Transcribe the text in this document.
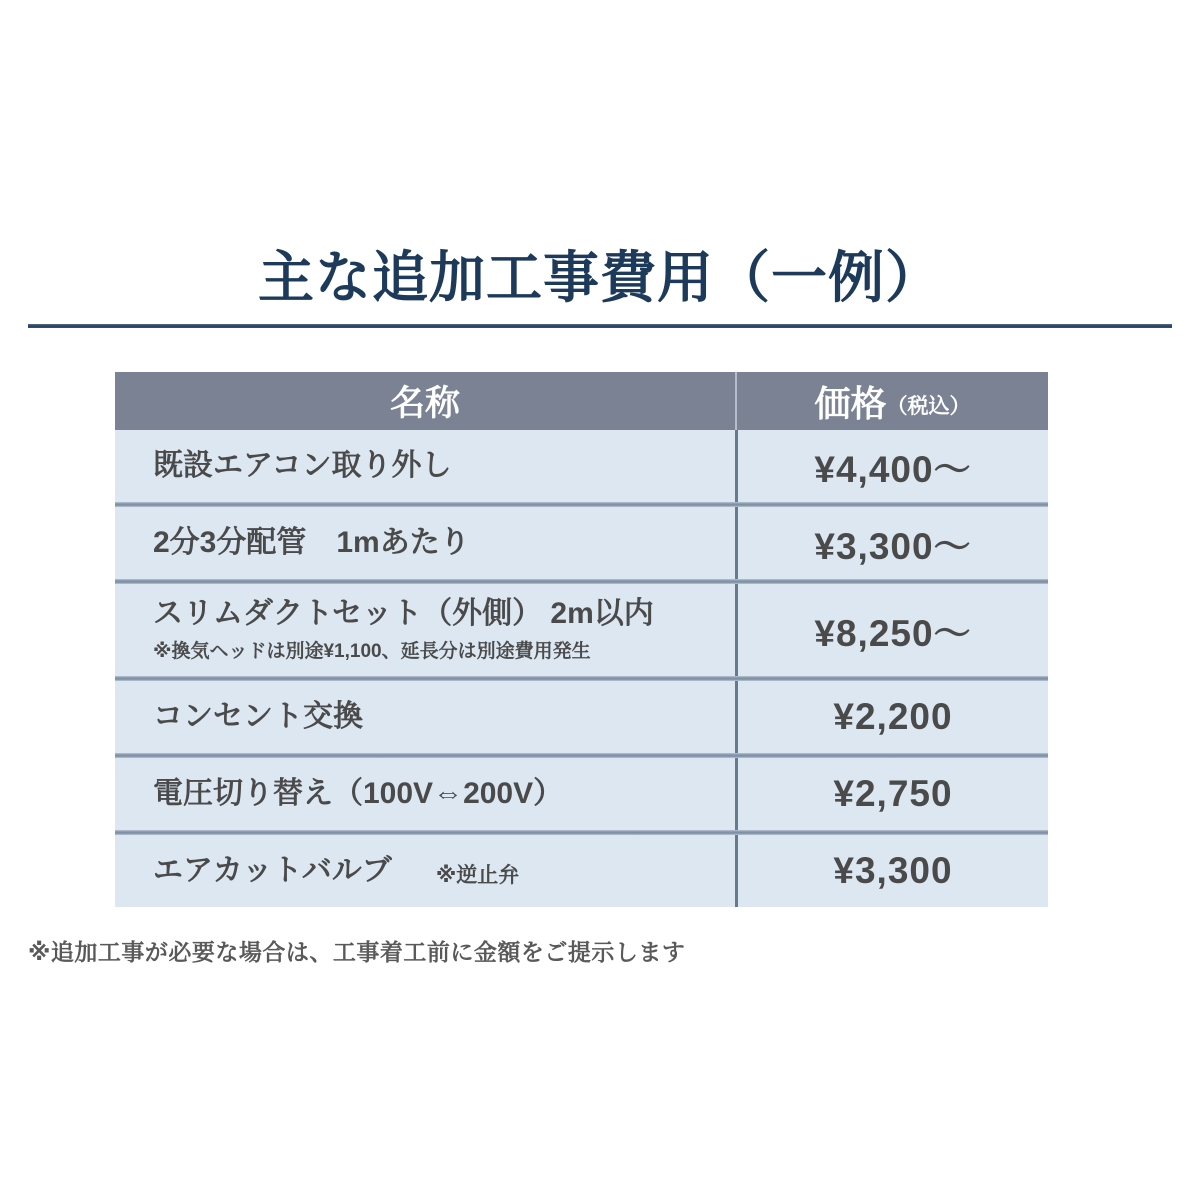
主な追加工事費用（一例）
名称	価格 （税込）
既設エアコン取り外し	¥4,400～
2分3分配管　1mあたり	¥3,300～
スリムダクトセット（外側） 2m以内
※換気ヘッドは別途¥1,100、延長分は別途費用発生	¥8,250～
コンセント交換	¥2,200
電圧切り替え（100V⇔200V）	¥2,750
エアカットバルブ ※逆止弁	¥3,300
※追加工事が必要な場合は、工事着工前に金額をご提示します
